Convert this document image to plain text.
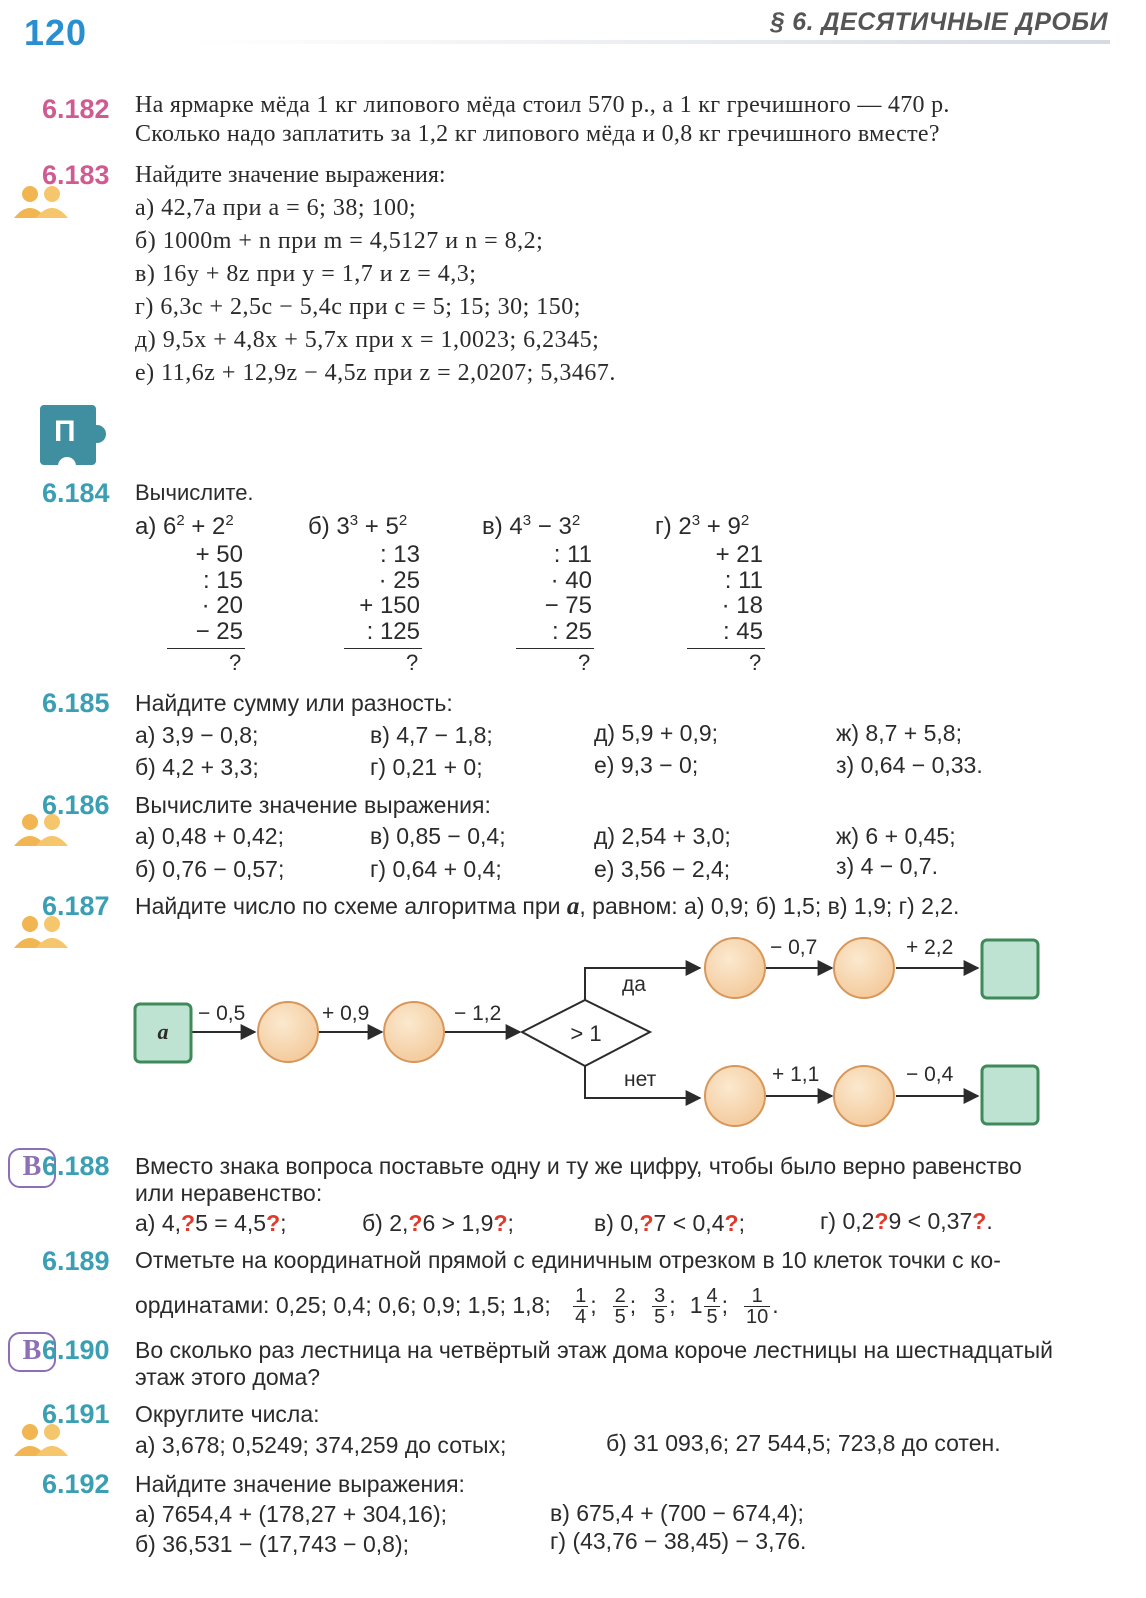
120	§ 6. ДЕСЯТИЧНЫЕ ДРОБИ
6.182 На ярмарке мёда 1 кг липового мёда стоил 570 р., а 1 кг гречишного — 470 р.
Сколько надо заплатить за 1,2 кг липового мёда и 0,8 кг гречишного вместе?
6.183 Найдите значение выражения:
а) 42,7a при a = 6; 38; 100;
б) 1000m + n при m = 4,5127 и n = 8,2;
в) 16y + 8z при y = 1,7 и z = 4,3;
г) 6,3c + 2,5c − 5,4c при c = 5; 15; 30; 150;
д) 9,5x + 4,8x + 5,7x при x = 1,0023; 6,2345;
е) 11,6z + 12,9z − 4,5z при z = 2,0207; 5,3467.
П
6.184 Вычислите.
а) $6^2 + 2^2$
+ 50
: 15
· 20
− 25
?
б) $3^3 + 5^2$
: 13
· 25
+ 150
: 125
?
в) $4^3 - 3^2$
: 11
· 40
− 75
: 25
?
г) $2^3 + 9^2$
+ 21
: 11
· 18
: 45
?
6.185 Найдите сумму или разность:
а) 3,9 − 0,8;
б) 4,2 + 3,3;
в) 4,7 − 1,8;
г) 0,21 + 0;
д) 5,9 + 0,9;
е) 9,3 − 0;
ж) 8,7 + 5,8;
з) 0,64 − 0,33.
6.186 Вычислите значение выражения:
а) 0,48 + 0,42;
б) 0,76 − 0,57;
в) 0,85 − 0,4;
г) 0,64 + 0,4;
д) 2,54 + 3,0;
е) 3,56 − 2,4;
ж) 6 + 0,45;
з) 4 − 0,7.
6.187 Найдите число по схеме алгоритма при a, равном: а) 0,9; б) 1,5; в) 1,9; г) 2,2.
a	> 1
− 0,5	+ 0,9	− 1,2
да
нет
− 0,7	+ 2,2
+ 1,1	− 0,4
В 6.188 Вместо знака вопроса поставьте одну и ту же цифру, чтобы было верно равенство
или неравенство:
а) 4,?5 = 4,5?;	б) 2,?6 > 1,9?;	в) 0,?7 < 0,4?;	г) 0,2?9 < 0,37?.
6.189 Отметьте на координатной прямой с единичным отрезком в 10 клеток точки с ко-
ординатами: 0,25; 0,4; 0,6; 0,9; 1,5; 1,8; $\frac{1}{4}$ ; $\frac{2}{5}$ ; $\frac{3}{5}$ ; $1 \frac{4}{5}$ ; $\frac{1}{10}$ .
В 6.190 Во сколько раз лестница на четвёртый этаж дома короче лестницы на шестнадцатый
этаж этого дома?
6.191 Округлите числа:
а) 3,678; 0,5249; 374,259 до сотых;	б) 31 093,6; 27 544,5; 723,8 до сотен.
6.192 Найдите значение выражения:
а) 7654,4 + (178,27 + 304,16);
б) 36,531 − (17,743 − 0,8);
в) 675,4 + (700 − 674,4);
г) (43,76 − 38,45) − 3,76.
